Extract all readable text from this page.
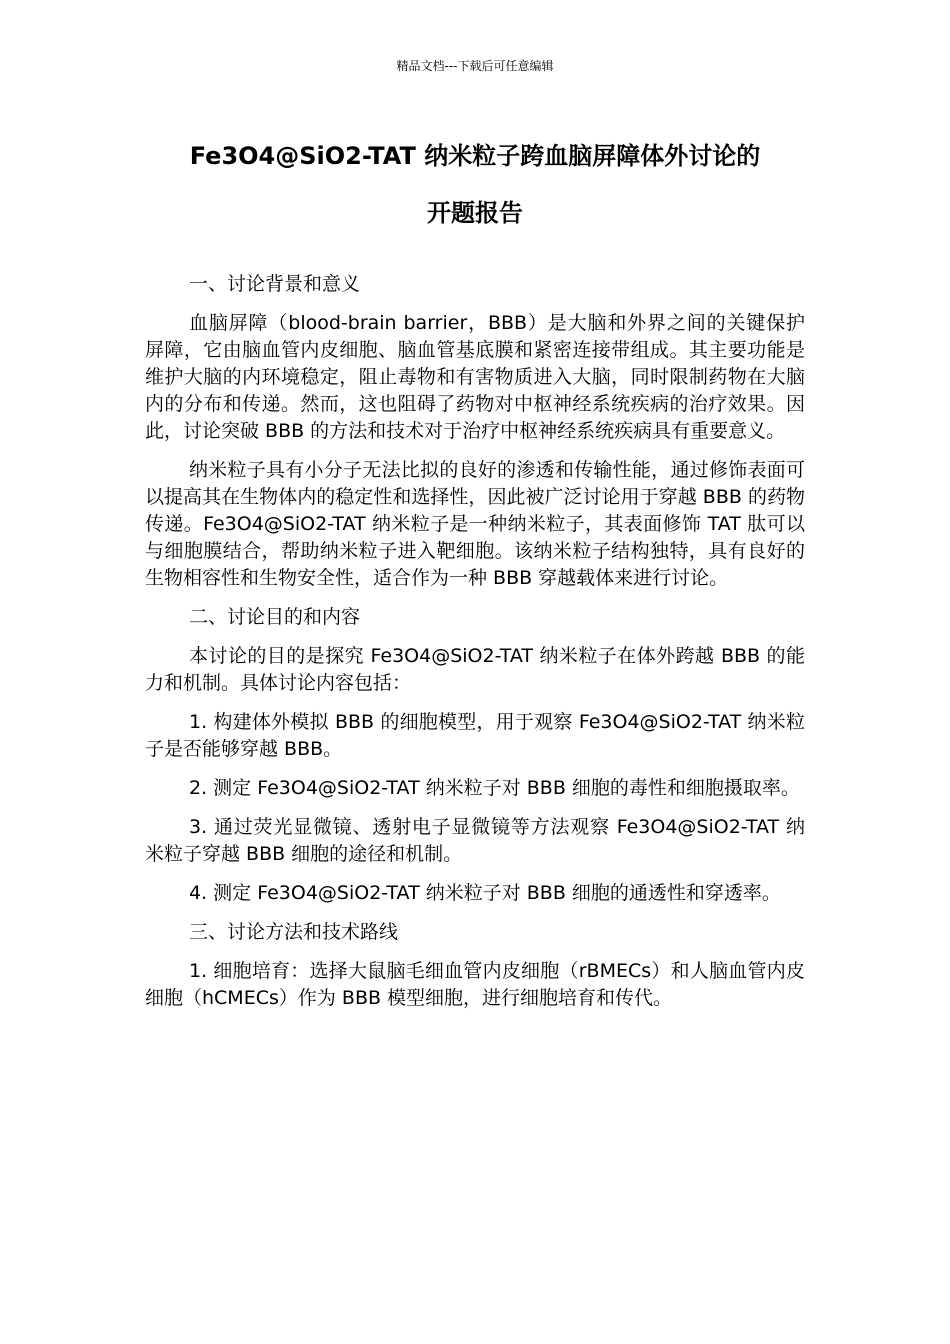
精品文档---下载后可任意编辑
Fe3O4@SiO2-TAT 纳米粒子跨血脑屏障体外讨论的
开题报告
一、讨论背景和意义

血脑屏障（blood-brain barrier，BBB）是大脑和外界之间的关键保护屏障，它由脑血管内皮细胞、脑血管基底膜和紧密连接带组成。其主要功能是维护大脑的内环境稳定，阻止毒物和有害物质进入大脑，同时限制药物在大脑内的分布和传递。然而，这也阻碍了药物对中枢神经系统疾病的治疗效果。因此，讨论突破 BBB 的方法和技术对于治疗中枢神经系统疾病具有重要意义。

纳米粒子具有小分子无法比拟的良好的渗透和传输性能，通过修饰表面可以提高其在生物体内的稳定性和选择性，因此被广泛讨论用于穿越 BBB 的药物传递。Fe3O4@SiO2-TAT 纳米粒子是一种纳米粒子，其表面修饰 TAT 肽可以与细胞膜结合，帮助纳米粒子进入靶细胞。该纳米粒子结构独特，具有良好的生物相容性和生物安全性，适合作为一种 BBB 穿越载体来进行讨论。

二、讨论目的和内容

本讨论的目的是探究 Fe3O4@SiO2-TAT 纳米粒子在体外跨越 BBB 的能力和机制。具体讨论内容包括：

1. 构建体外模拟 BBB 的细胞模型，用于观察 Fe3O4@SiO2-TAT 纳米粒子是否能够穿越 BBB。

2. 测定 Fe3O4@SiO2-TAT 纳米粒子对 BBB 细胞的毒性和细胞摄取率。

3. 通过荧光显微镜、透射电子显微镜等方法观察 Fe3O4@SiO2-TAT 纳米粒子穿越 BBB 细胞的途径和机制。

4. 测定 Fe3O4@SiO2-TAT 纳米粒子对 BBB 细胞的通透性和穿透率。

三、讨论方法和技术路线

1. 细胞培育：选择大鼠脑毛细血管内皮细胞（rBMECs）和人脑血管内皮细胞（hCMECs）作为 BBB 模型细胞，进行细胞培育和传代。
